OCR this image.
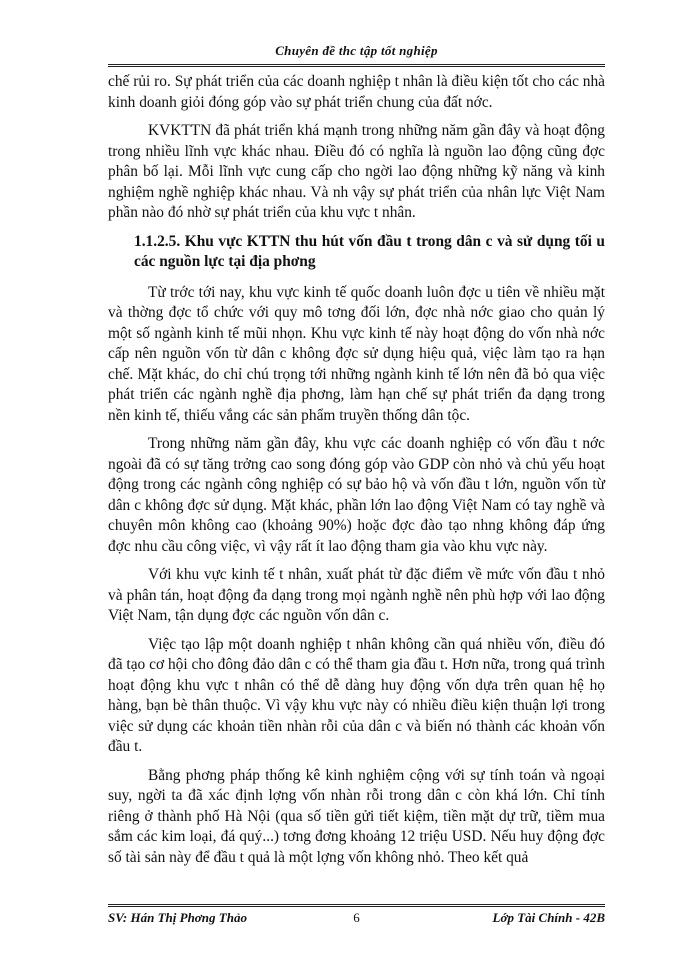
Chuyên đề thc tập tốt nghiệp

chế rủi ro. Sự phát triển của các doanh nghiệp t nhân là điều kiện tốt cho các nhà kinh doanh giỏi đóng góp vào sự phát triển chung của đất nớc.

KVKTTN đã phát triển khá mạnh trong những năm gần đây và hoạt động trong nhiều lĩnh vực khác nhau. Điều đó có nghĩa là nguồn lao động cũng đợc phân bố lại. Mỗi lĩnh vực cung cấp cho ngời lao động những kỹ năng và kinh nghiệm nghề nghiệp khác nhau. Và nh vậy sự phát triển của nhân lực Việt Nam phần nào đó nhờ sự phát triển của khu vực t nhân.

1.1.2.5. Khu vực KTTN thu hút vốn đầu t trong dân c và sử dụng tối u các nguồn lực tại địa phơng

Từ trớc tới nay, khu vực kinh tế quốc doanh luôn đợc u tiên về nhiều mặt và thờng đợc tổ chức với quy mô tơng đối lớn, đợc nhà nớc giao cho quản lý một số ngành kinh tế mũi nhọn. Khu vực kinh tế này hoạt động do vốn nhà nớc cấp nên nguồn vốn từ dân c không đợc sử dụng hiệu quả, việc làm tạo ra hạn chế. Mặt khác, do chỉ chú trọng tới những ngành kinh tế lớn nên đã bỏ qua việc phát triển các ngành nghề địa phơng, làm hạn chế sự phát triển đa dạng trong nền kinh tế, thiếu vắng các sản phẩm truyền thống dân tộc.

Trong những năm gần đây, khu vực các doanh nghiệp có vốn đầu t nớc ngoài đã có sự tăng trởng cao song đóng góp vào GDP còn nhỏ và chủ yếu hoạt động trong các ngành công nghiệp có sự bảo hộ và vốn đầu t lớn, nguồn vốn từ dân c không đợc sử dụng. Mặt khác, phần lớn lao động Việt Nam có tay nghề và chuyên môn không cao (khoảng 90%) hoặc đợc đào tạo nhng không đáp ứng đợc nhu cầu công việc, vì vậy rất ít lao động tham gia vào khu vực này.

Với khu vực kinh tế t nhân, xuất phát từ đặc điểm về mức vốn đầu t nhỏ và phân tán, hoạt động đa dạng trong mọi ngành nghề nên phù hợp với lao động Việt Nam, tận dụng đợc các nguồn vốn dân c.

Việc tạo lập một doanh nghiệp t nhân không cần quá nhiều vốn, điều đó đã tạo cơ hội cho đông đảo dân c có thể tham gia đầu t. Hơn nữa, trong quá trình hoạt động khu vực t nhân có thể dễ dàng huy động vốn dựa trên quan hệ họ hàng, bạn bè thân thuộc. Vì vậy khu vực này có nhiều điều kiện thuận lợi trong việc sử dụng các khoản tiền nhàn rỗi của dân c và biến nó thành các khoản vốn đầu t.

Bằng phơng pháp thống kê kinh nghiệm cộng với sự tính toán và ngoại suy, ngời ta đã xác định lợng vốn nhàn rỗi trong dân c còn khá lớn. Chỉ tính riêng ở thành phố Hà Nội (qua số tiền gửi tiết kiệm, tiền mặt dự trữ, tiềm mua sắm các kim loại, đá quý...) tơng đơng khoảng 12 triệu USD. Nếu huy động đợc số tài sản này để đầu t quả là một lợng vốn không nhỏ. Theo kết quả

SV: Hán Thị Phơng Thảo	6	Lớp Tài Chính - 42B
